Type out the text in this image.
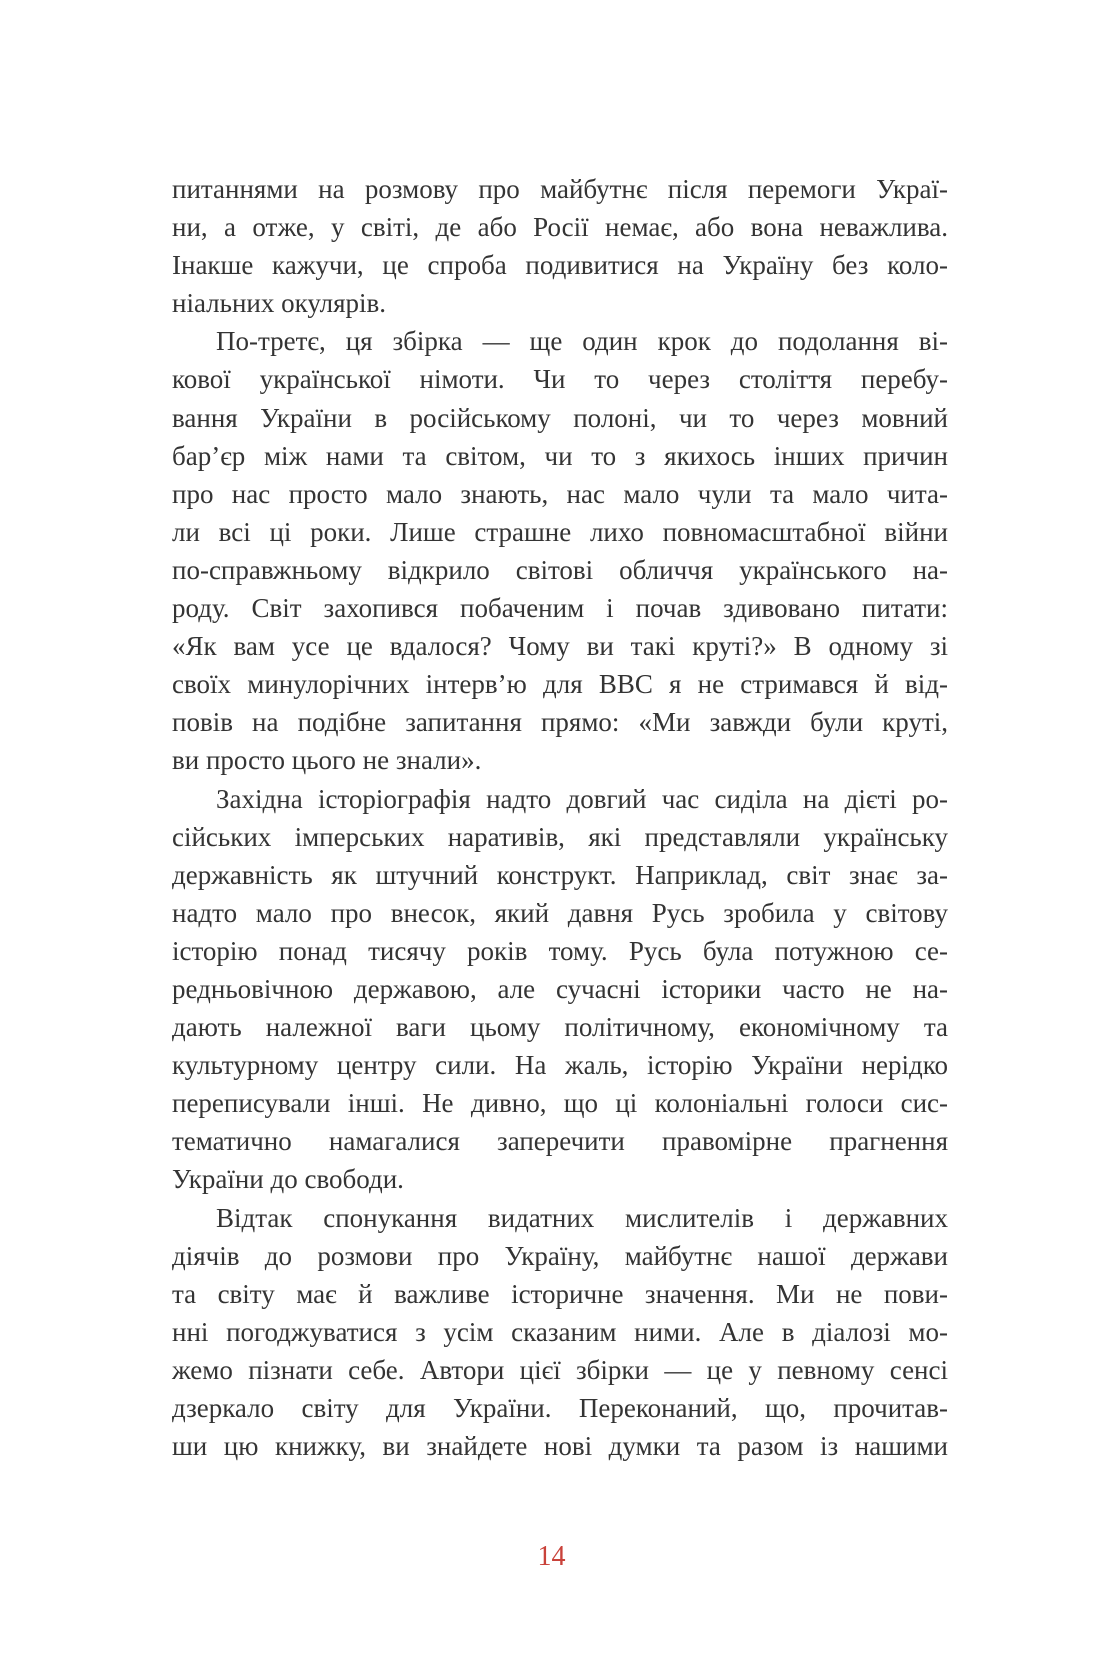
питаннями на розмову про майбутнє після перемоги Украї-
ни, а отже, у світі, де або Росії немає, або вона неважлива.
Інакше кажучи, це спроба подивитися на Україну без коло-
ніальних окулярів.
По-третє, ця збірка — ще один крок до подолання ві-
кової української німоти. Чи то через століття перебу-
вання України в російському полоні, чи то через мовний
бар’єр між нами та світом, чи то з якихось інших причин
про нас просто мало знають, нас мало чули та мало чита-
ли всі ці роки. Лише страшне лихо повномасштабної війни
по-справжньому відкрило світові обличчя українського на-
роду. Світ захопився побаченим і почав здивовано питати:
«Як вам усе це вдалося? Чому ви такі круті?» В одному зі
своїх минулорічних інтерв’ю для BBC я не стримався й від-
повів на подібне запитання прямо: «Ми завжди були круті,
ви просто цього не знали».
Західна історіографія надто довгий час сиділа на дієті ро-
сійських імперських наративів, які представляли українську
державність як штучний конструкт. Наприклад, світ знає за-
надто мало про внесок, який давня Русь зробила у світову
історію понад тисячу років тому. Русь була потужною се-
редньовічною державою, але сучасні історики часто не на-
дають належної ваги цьому політичному, економічному та
культурному центру сили. На жаль, історію України нерідко
переписували інші. Не дивно, що ці колоніальні голоси сис-
тематично намагалися заперечити правомірне прагнення
України до свободи.
Відтак спонукання видатних мислителів і державних
діячів до розмови про Україну, майбутнє нашої держави
та світу має й важливе історичне значення. Ми не пови-
нні погоджуватися з усім сказаним ними. Але в діалозі мо-
жемо пізнати себе. Автори цієї збірки — це у певному сенсі
дзеркало світу для України. Переконаний, що, прочитав-
ши цю книжку, ви знайдете нові думки та разом із нашими
14
